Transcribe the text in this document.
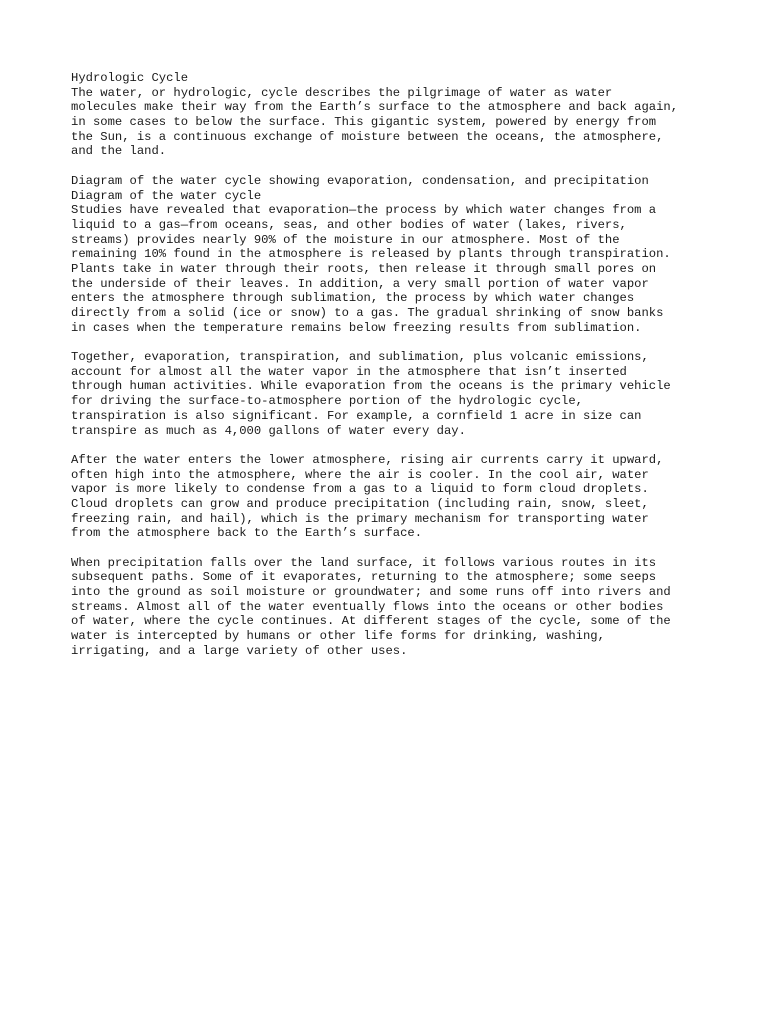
Hydrologic Cycle
The water, or hydrologic, cycle describes the pilgrimage of water as water
molecules make their way from the Earth’s surface to the atmosphere and back again,
in some cases to below the surface. This gigantic system, powered by energy from
the Sun, is a continuous exchange of moisture between the oceans, the atmosphere,
and the land.
Diagram of the water cycle showing evaporation, condensation, and precipitation
Diagram of the water cycle
Studies have revealed that evaporation—the process by which water changes from a
liquid to a gas—from oceans, seas, and other bodies of water (lakes, rivers,
streams) provides nearly 90% of the moisture in our atmosphere. Most of the
remaining 10% found in the atmosphere is released by plants through transpiration.
Plants take in water through their roots, then release it through small pores on
the underside of their leaves. In addition, a very small portion of water vapor
enters the atmosphere through sublimation, the process by which water changes
directly from a solid (ice or snow) to a gas. The gradual shrinking of snow banks
in cases when the temperature remains below freezing results from sublimation.
Together, evaporation, transpiration, and sublimation, plus volcanic emissions,
account for almost all the water vapor in the atmosphere that isn’t inserted
through human activities. While evaporation from the oceans is the primary vehicle
for driving the surface-to-atmosphere portion of the hydrologic cycle,
transpiration is also significant. For example, a cornfield 1 acre in size can
transpire as much as 4,000 gallons of water every day.
After the water enters the lower atmosphere, rising air currents carry it upward,
often high into the atmosphere, where the air is cooler. In the cool air, water
vapor is more likely to condense from a gas to a liquid to form cloud droplets.
Cloud droplets can grow and produce precipitation (including rain, snow, sleet,
freezing rain, and hail), which is the primary mechanism for transporting water
from the atmosphere back to the Earth’s surface.
When precipitation falls over the land surface, it follows various routes in its
subsequent paths. Some of it evaporates, returning to the atmosphere; some seeps
into the ground as soil moisture or groundwater; and some runs off into rivers and
streams. Almost all of the water eventually flows into the oceans or other bodies
of water, where the cycle continues. At different stages of the cycle, some of the
water is intercepted by humans or other life forms for drinking, washing,
irrigating, and a large variety of other uses.
